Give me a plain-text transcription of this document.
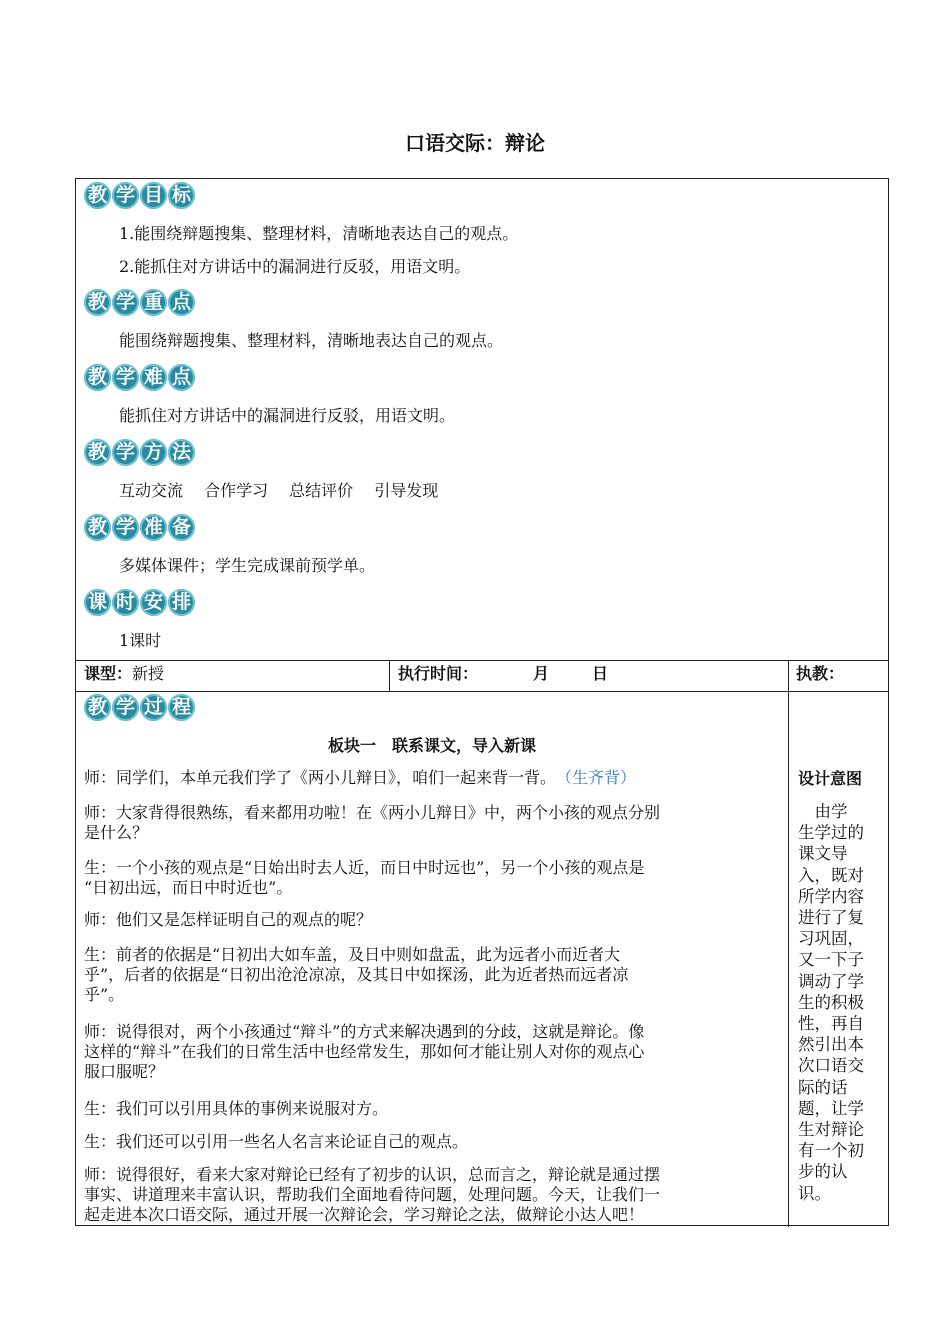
口语交际：辩论
教 学 目 标
1.能围绕辩题搜集、整理材料，清晰地表达自己的观点。
2.能抓住对方讲话中的漏洞进行反驳，用语文明。
教 学 重 点
能围绕辩题搜集、整理材料，清晰地表达自己的观点。
教 学 难 点
能抓住对方讲话中的漏洞进行反驳，用语文明。
教 学 方 法
互动交流　 合作学习　 总结评价　 引导发现
教 学 准 备
多媒体课件；学生完成课前预学单。
课 时 安 排
1课时
课型：新授	执行时间：	月	日	执教：
教 学 过 程
板块一　联系课文，导入新课
师：同学们，本单元我们学了《两小儿辩日》，咱们一起来背一背。（生齐背）
师：大家背得很熟练，看来都用功啦！在《两小儿辩日》中，两个小孩的观点分别
是什么？
生：一个小孩的观点是“日始出时去人近，而日中时远也”，另一个小孩的观点是
“日初出远，而日中时近也”。
师：他们又是怎样证明自己的观点的呢？
生：前者的依据是“日初出大如车盖，及日中则如盘盂，此为远者小而近者大
乎”，后者的依据是“日初出沧沧凉凉，及其日中如探汤，此为近者热而远者凉
乎”。
师：说得很对，两个小孩通过“辩斗”的方式来解决遇到的分歧，这就是辩论。像
这样的“辩斗”在我们的日常生活中也经常发生，那如何才能让别人对你的观点心
服口服呢？
生：我们可以引用具体的事例来说服对方。
生：我们还可以引用一些名人名言来论证自己的观点。
师：说得很好，看来大家对辩论已经有了初步的认识，总而言之，辩论就是通过摆
事实、讲道理来丰富认识，帮助我们全面地看待问题，处理问题。今天，让我们一
起走进本次口语交际，通过开展一次辩论会，学习辩论之法，做辩论小达人吧！
设计意图
　由学
生学过的
课文导
入，既对
所学内容
进行了复
习巩固，
又一下子
调动了学
生的积极
性，再自
然引出本
次口语交
际的话
题，让学
生对辩论
有一个初
步的认
识。
